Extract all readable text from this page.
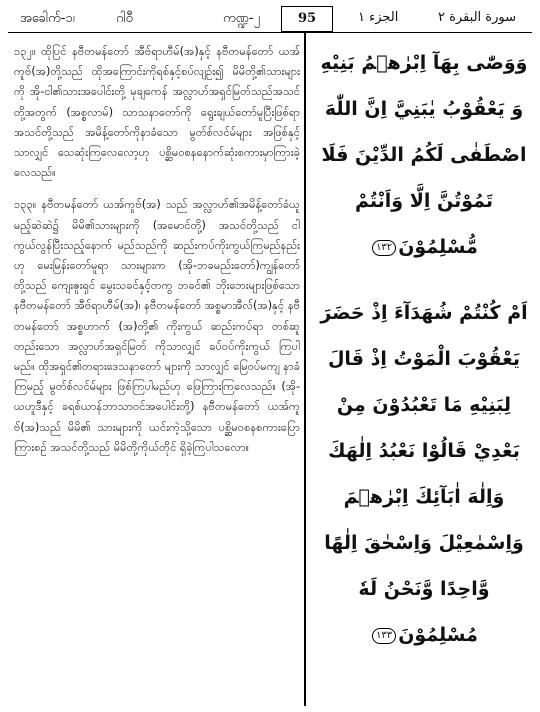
အခေါက်-၁၊	ဂါဝီ	ကဏ္ဍ-၂	95	الجزء ١	سورة البقرة ٢

၁၃၂။ ထိုပြင် နဗီတမန်တော် အီဗ်ရာဟီမ်(အ)နှင့် နဗီတမန်တော် ယအ်ကူဗ်(အ)တို့သည် ထိုအကြောင်းကိုရစ်နှင့်စပ်လျဉ်း၍ မိမိတို့၏သားများကို အို-ငါ၏သားအပေါင်းတို့ မုချကေန် အလ္လာဟ်အရှင်မြတ်သည်အသင်တို့အတွက် (အစ္စလာမ်) သာသနာတော်ကို ရွေးချယ်တော်မူပြီးဖြစ်ရာ အသင်တို့သည် အမိန့်တော်ကိုနာခံသော မွတ်စ်လင်မ်များ အဖြစ်နှင့် သာလျှင် သေဆုံးကြလေလော့ဟု ပစ္ဆိမဝစနနောက်ဆုံးစကားမှာကြားခဲ့လေသည်။

၁၃၃။ နဗီတမန်တော် ယအ်ကူဗ်(အ) သည် အလ္လာဟ်၏အမိန့်တော်ခံယူမည့်ဆဲဆဲ၌ မိမိ၏သားများကို (အမောင်တို့) အသင်တို့သည် ငါကွယ်လွန်ပြီးသည့်နောက် မည်သည်ကို ဆည်းကပ်ကိုးကွယ်ကြမည်နည်းဟု မေးမြန်းတော်မူရာ သားများက (အို-ဘခမည်းတော်)ကျွန်တော်တို့သည် ကျေးဇူးရှင် မွေးသခင်နှင့်တကွ ဘခင်၏ ဘိုးဘေးများဖြစ်သော နဗီတမန်တော် အီဗ်ရာဟီမ်(အ)၊ နဗီတမန်တော် အစ္စမာအီလ်(အ)နှင့် နဗီတမန်တော် အစ္စဟာက် (အ)တို့၏ ကိုးကွယ် ဆည်းကပ်ရာ တစ်ဆူတည်းသော အလ္လာဟ်အရှင်မြတ် ကိုသာလျှင် ခပ်ဝပ်ကိုးကွယ် ကြပါမည်။ ထိုအရှင်၏တရားဒေသနာတော် များကို သာလျှင် မြေဝပ်မကျ နာခံကြမည့် မွတ်စ်လင်မ်များ ဖြစ်ကြပါမည်ဟု ဖြေကြားကြလေသည်။ (အို-ယဟူဒီနှင့် ခရစ်ယာန်ဘာသာဝင်အပေါင်းတို့) နဗီတမန်တော် ယအ်ကူဗ်(အ)သည် မိမိ၏ သားများကို ယင်းကဲ့သို့သော ပစ္ဆိမဝစနစကားပြောကြားစဉ် အသင်တို့သည် မိမိတို့ကိုယ်တိုင် ရှိခဲ့ကြပါသလော။

وَوَصّٰى بِهَآ اِبْرٰهٖمُ بَنِيْهِ وَ يَعْقُوْبُ يٰبَنِيَّ اِنَّ اللّٰهَ اصْطَفٰى لَكُمُ الدِّيْنَ فَلَا تَمُوْتُنَّ اِلَّا وَاَنْتُمْ مُّسْلِمُوْنَ١٣٢

اَمْ كُنْتُمْ شُهَدَآءَ اِذْ حَضَرَ يَعْقُوْبَ الْمَوْتُ اِذْ قَالَ لِبَنِيْهِ مَا تَعْبُدُوْنَ مِنْ بَعْدِيْ قَالُوْا نَعْبُدُ اِلٰهَكَ وَاِلٰهَ اٰبَآئِكَ اِبْرٰهٖمَ وَاِسْمٰعِيْلَ وَاِسْحٰقَ اِلٰهًا وَّاحِدًا وَّنَحْنُ لَهٗ مُسْلِمُوْنَ١٣٣
